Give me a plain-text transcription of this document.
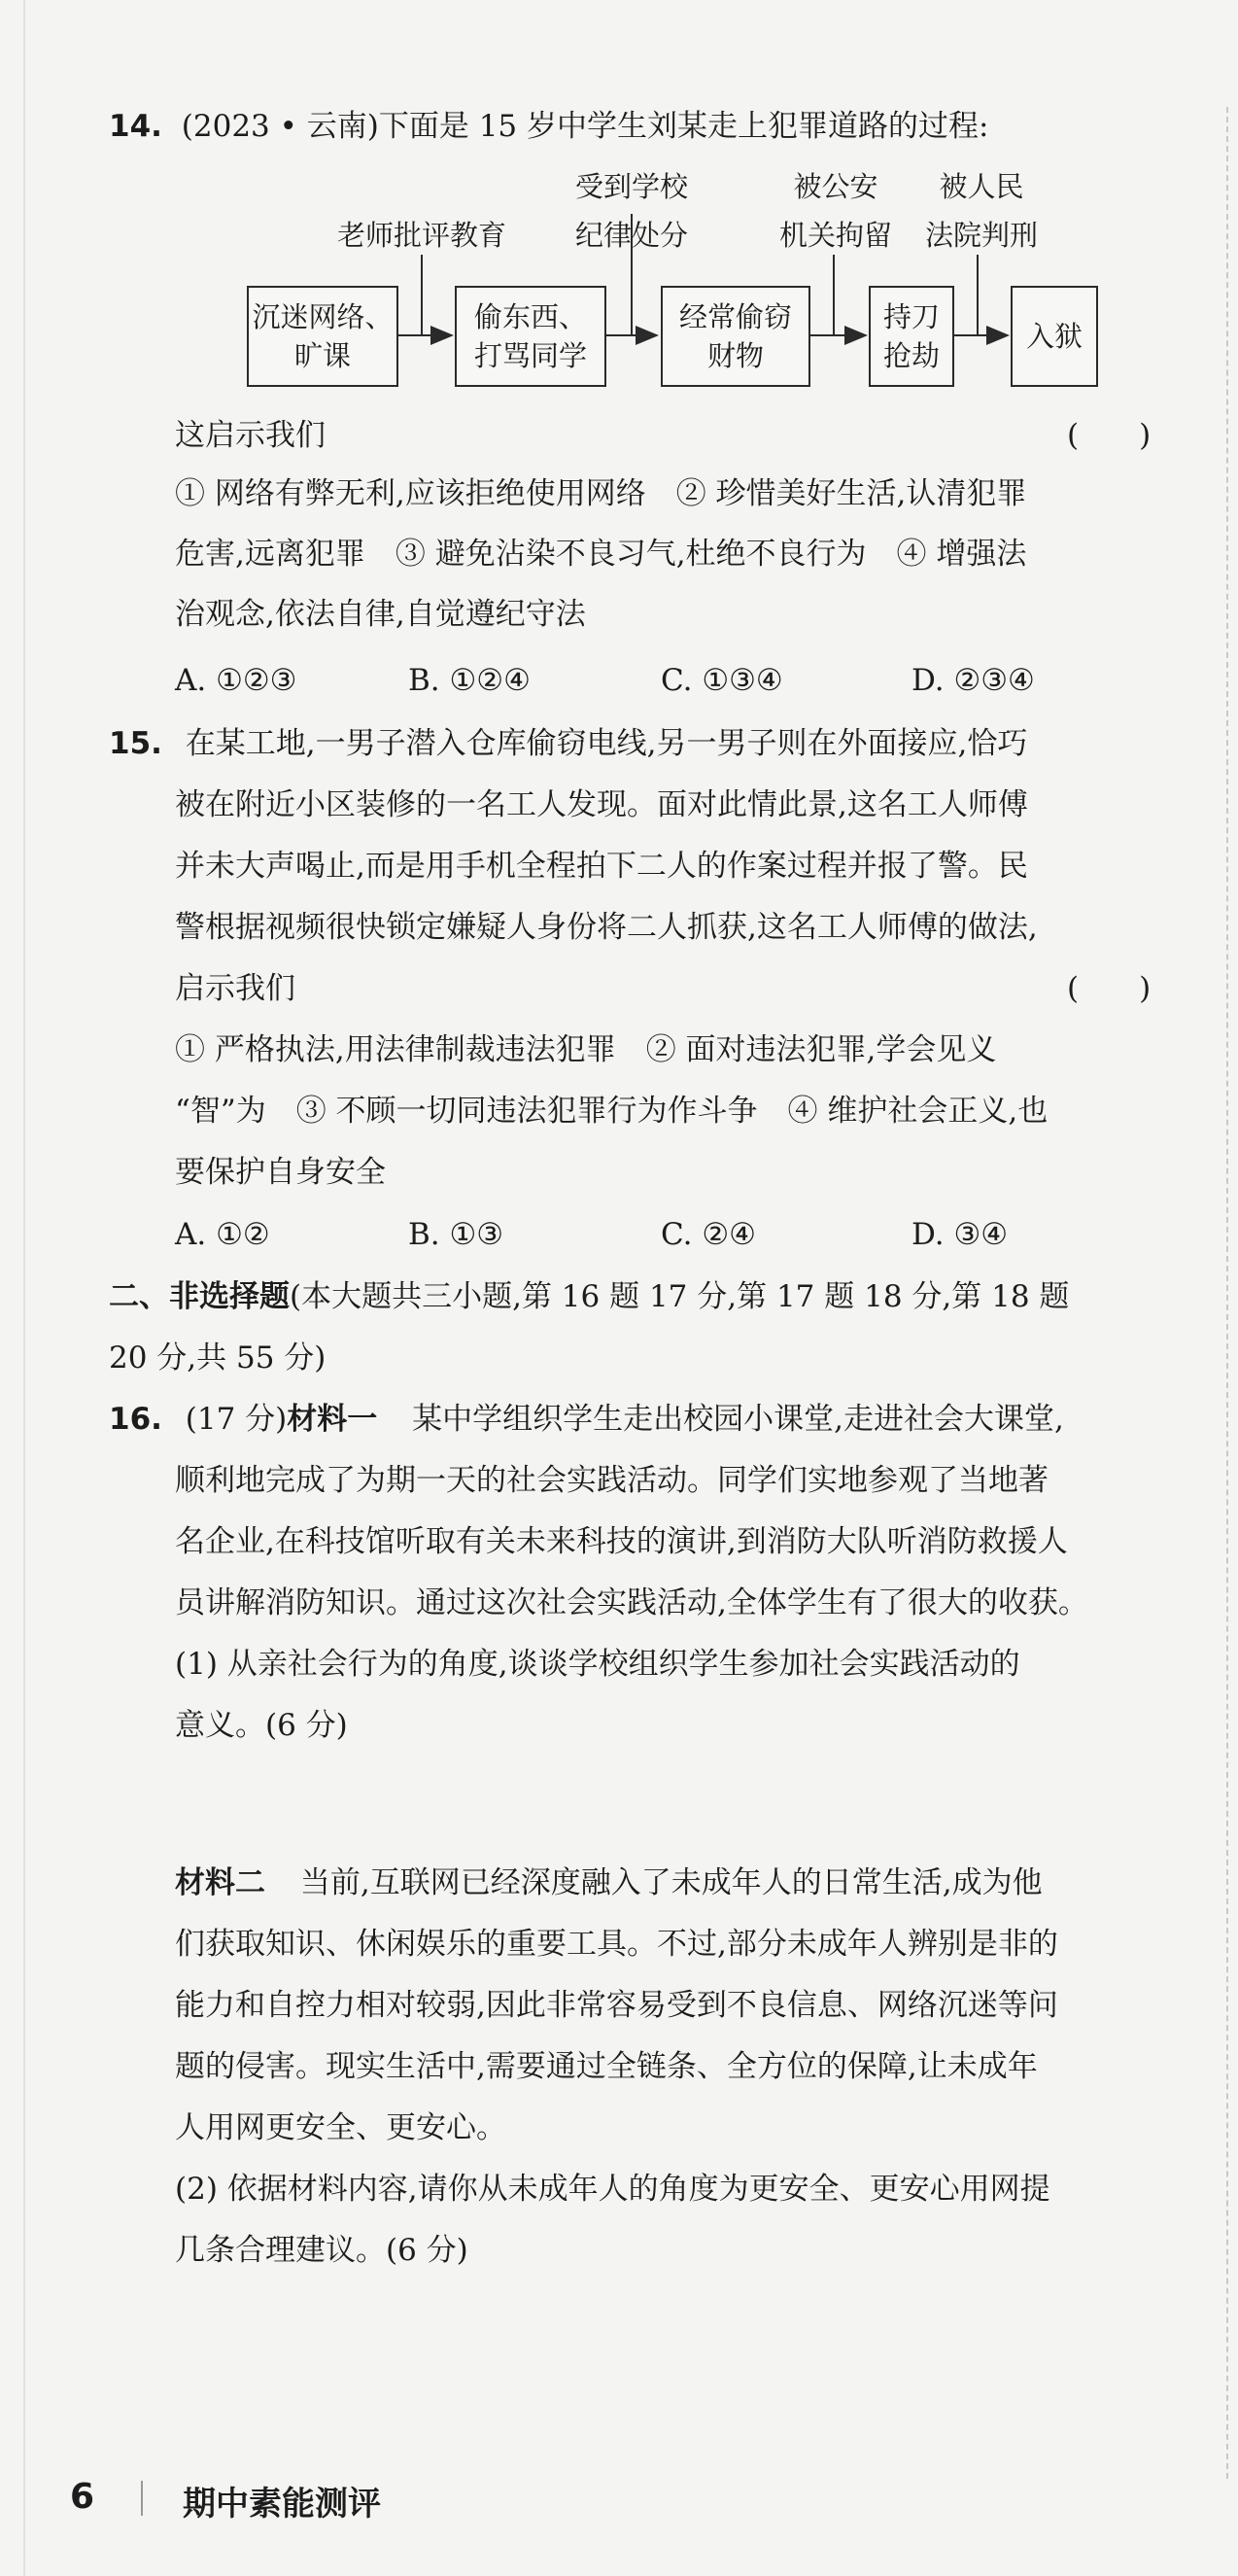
14. (2023 • 云南)下面是 15 岁中学生刘某走上犯罪道路的过程:
沉迷网络、
旷课
偷东西、
打骂同学
经常偷窃
财物
持刀
抢劫
入狱
老师批评教育
受到学校
纪律处分
被公安
机关拘留
被人民
法院判刑
这启示我们	(　　)
① 网络有弊无利,应该拒绝使用网络　② 珍惜美好生活,认清犯罪
危害,远离犯罪　③ 避免沾染不良习气,杜绝不良行为　④ 增强法
治观念,依法自律,自觉遵纪守法
A. ①②③	B. ①②④	C. ①③④	D. ②③④
15. 在某工地,一男子潜入仓库偷窃电线,另一男子则在外面接应,恰巧
被在附近小区装修的一名工人发现。面对此情此景,这名工人师傅
并未大声喝止,而是用手机全程拍下二人的作案过程并报了警。民
警根据视频很快锁定嫌疑人身份将二人抓获,这名工人师傅的做法,
启示我们	(　　)
① 严格执法,用法律制裁违法犯罪　② 面对违法犯罪,学会见义
“智”为　③ 不顾一切同违法犯罪行为作斗争　④ 维护社会正义,也
要保护自身安全
A. ①②	B. ①③	C. ②④	D. ③④
二、非选择题(本大题共三小题,第 16 题 17 分,第 17 题 18 分,第 18 题
20 分,共 55 分)
16. (17 分)材料一 某中学组织学生走出校园小课堂,走进社会大课堂,
顺利地完成了为期一天的社会实践活动。同学们实地参观了当地著
名企业,在科技馆听取有关未来科技的演讲,到消防大队听消防救援人
员讲解消防知识。通过这次社会实践活动,全体学生有了很大的收获。
(1) 从亲社会行为的角度,谈谈学校组织学生参加社会实践活动的
意义。(6 分)
材料二 当前,互联网已经深度融入了未成年人的日常生活,成为他
们获取知识、休闲娱乐的重要工具。不过,部分未成年人辨别是非的
能力和自控力相对较弱,因此非常容易受到不良信息、网络沉迷等问
题的侵害。现实生活中,需要通过全链条、全方位的保障,让未成年
人用网更安全、更安心。
(2) 依据材料内容,请你从未成年人的角度为更安全、更安心用网提
几条合理建议。(6 分)
6	期中素能测评
